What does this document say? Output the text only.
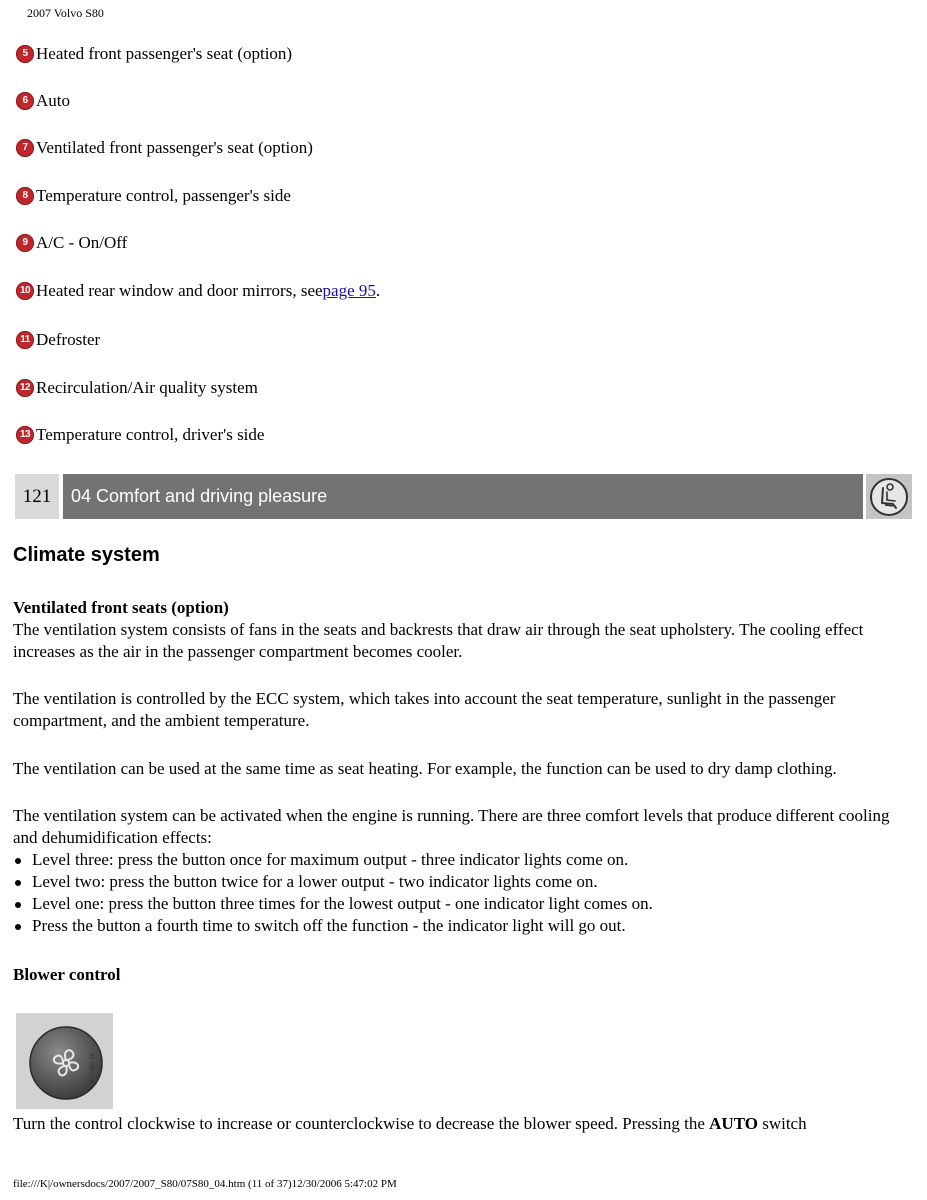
2007 Volvo S80
5 Heated front passenger's seat (option)
6 Auto
7 Ventilated front passenger's seat (option)
8 Temperature control, passenger's side
9 A/C - On/Off
10 Heated rear window and door mirrors, see page 95 .
11 Defroster
12 Recirculation/Air quality system
13 Temperature control, driver's side
121	04 Comfort and driving pleasure
Climate system
Ventilated front seats (option)
The ventilation system consists of fans in the seats and backrests that draw air through the seat upholstery. The cooling effect increases as the air in the passenger compartment becomes cooler.
The ventilation is controlled by the ECC system, which takes into account the seat temperature, sunlight in the passenger compartment, and the ambient temperature.
The ventilation can be used at the same time as seat heating. For example, the function can be used to dry damp clothing.
The ventilation system can be activated when the engine is running. There are three comfort levels that produce different cooling and dehumidification effects:
Level three: press the button once for maximum output - three indicator lights come on.
Level two: press the button twice for a lower output - two indicator lights come on.
Level one: press the button three times for the lowest output - one indicator light comes on.
Press the button a fourth time to switch off the function - the indicator light will go out.
Blower control
870 450 56
Turn the control clockwise to increase or counterclockwise to decrease the blower speed. Pressing the AUTO switch
file:///K|/ownersdocs/2007/2007_S80/07S80_04.htm (11 of 37)12/30/2006 5:47:02 PM
